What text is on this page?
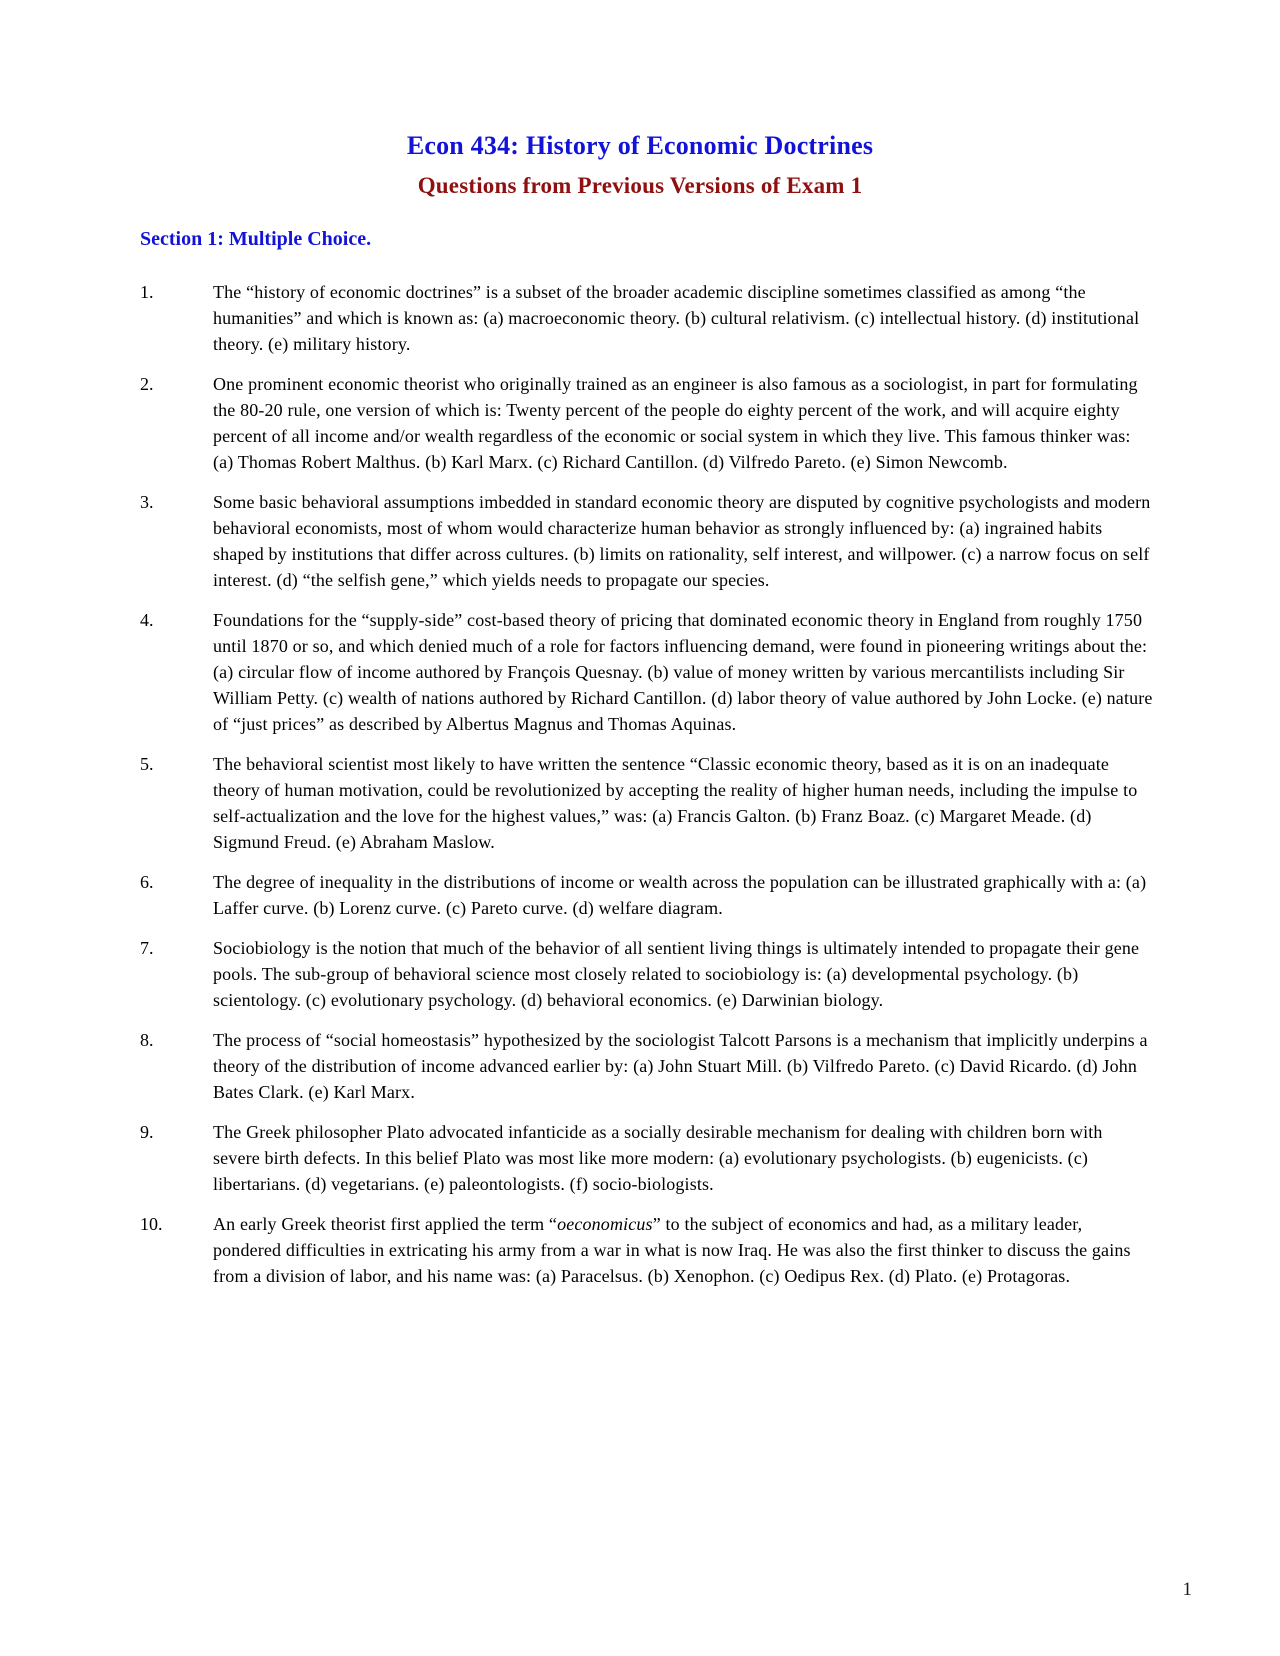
Econ 434: History of Economic Doctrines
Questions from Previous Versions of Exam 1
Section 1: Multiple Choice.
1.	The “history of economic doctrines” is a subset of the broader academic discipline sometimes classified as among “the humanities” and which is known as: (a) macroeconomic theory. (b) cultural relativism. (c) intellectual history. (d) institutional theory. (e) military history.
2.	One prominent economic theorist who originally trained as an engineer is also famous as a sociologist, in part for formulating the 80-20 rule, one version of which is: Twenty percent of the people do eighty percent of the work, and will acquire eighty percent of all income and/or wealth regardless of the economic or social system in which they live. This famous thinker was: (a) Thomas Robert Malthus. (b) Karl Marx. (c) Richard Cantillon. (d) Vilfredo Pareto. (e) Simon Newcomb.
3.	Some basic behavioral assumptions imbedded in standard economic theory are disputed by cognitive psychologists and modern behavioral economists, most of whom would characterize human behavior as strongly influenced by: (a) ingrained habits shaped by institutions that differ across cultures. (b) limits on rationality, self interest, and willpower. (c) a narrow focus on self interest. (d) “the selfish gene,” which yields needs to propagate our species.
4.	Foundations for the “supply-side” cost-based theory of pricing that dominated economic theory in England from roughly 1750 until 1870 or so, and which denied much of a role for factors influencing demand, were found in pioneering writings about the: (a) circular flow of income authored by François Quesnay. (b) value of money written by various mercantilists including Sir William Petty. (c) wealth of nations authored by Richard Cantillon. (d) labor theory of value authored by John Locke. (e) nature of “just prices” as described by Albertus Magnus and Thomas Aquinas.
5.	The behavioral scientist most likely to have written the sentence “Classic economic theory, based as it is on an inadequate theory of human motivation, could be revolutionized by accepting the reality of higher human needs, including the impulse to self-actualization and the love for the highest values,” was: (a) Francis Galton. (b) Franz Boaz. (c) Margaret Meade. (d) Sigmund Freud. (e) Abraham Maslow.
6.	The degree of inequality in the distributions of income or wealth across the population can be illustrated graphically with a: (a) Laffer curve. (b) Lorenz curve. (c) Pareto curve. (d) welfare diagram.
7.	Sociobiology is the notion that much of the behavior of all sentient living things is ultimately intended to propagate their gene pools. The sub-group of behavioral science most closely related to sociobiology is: (a) developmental psychology. (b) scientology. (c) evolutionary psychology. (d) behavioral economics. (e) Darwinian biology.
8.	The process of “social homeostasis” hypothesized by the sociologist Talcott Parsons is a mechanism that implicitly underpins a theory of the distribution of income advanced earlier by: (a) John Stuart Mill. (b) Vilfredo Pareto. (c) David Ricardo. (d) John Bates Clark. (e) Karl Marx.
9.	The Greek philosopher Plato advocated infanticide as a socially desirable mechanism for dealing with children born with severe birth defects. In this belief Plato was most like more modern: (a) evolutionary psychologists. (b) eugenicists. (c) libertarians. (d) vegetarians. (e) paleontologists. (f) socio-biologists.
10.	An early Greek theorist first applied the term “oeconomicus” to the subject of economics and had, as a military leader, pondered difficulties in extricating his army from a war in what is now Iraq. He was also the first thinker to discuss the gains from a division of labor, and his name was: (a) Paracelsus. (b) Xenophon. (c) Oedipus Rex. (d) Plato. (e) Protagoras.
1
